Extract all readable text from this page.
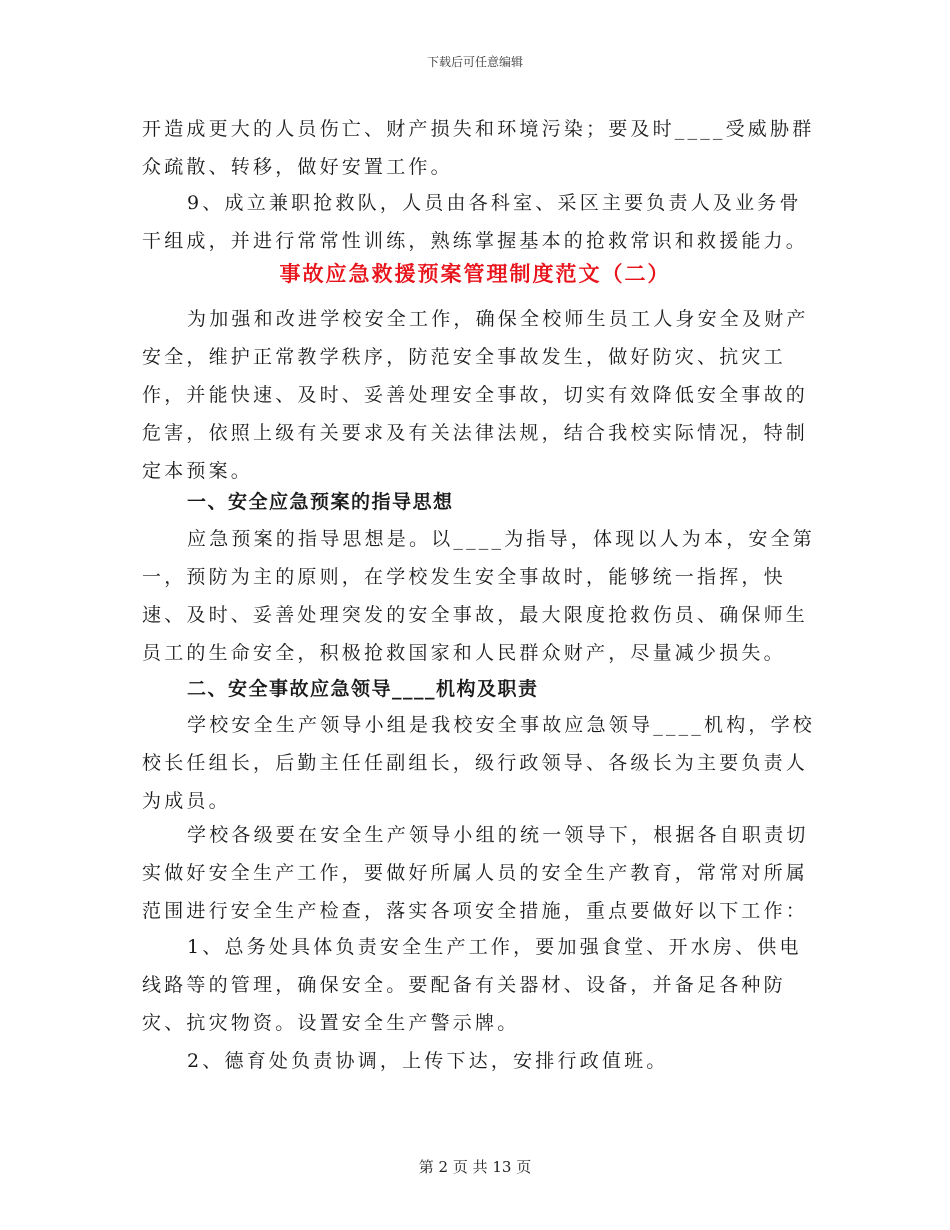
下载后可任意编辑

开造成更大的人员伤亡、财产损失和环境污染；要及时____受威胁群众疏散、转移，做好安置工作。

9、成立兼职抢救队，人员由各科室、采区主要负责人及业务骨干组成，并进行常常性训练，熟练掌握基本的抢救常识和救援能力。

事故应急救援预案管理制度范文（二）

为加强和改进学校安全工作，确保全校师生员工人身安全及财产安全，维护正常教学秩序，防范安全事故发生，做好防灾、抗灾工作，并能快速、及时、妥善处理安全事故，切实有效降低安全事故的危害，依照上级有关要求及有关法律法规，结合我校实际情况，特制定本预案。

一、安全应急预案的指导思想

应急预案的指导思想是。以____为指导，体现以人为本，安全第一，预防为主的原则，在学校发生安全事故时，能够统一指挥，快速、及时、妥善处理突发的安全事故，最大限度抢救伤员、确保师生员工的生命安全，积极抢救国家和人民群众财产，尽量减少损失。

二、安全事故应急领导____机构及职责

学校安全生产领导小组是我校安全事故应急领导____机构，学校校长任组长，后勤主任任副组长，级行政领导、各级长为主要负责人为成员。

学校各级要在安全生产领导小组的统一领导下，根据各自职责切实做好安全生产工作，要做好所属人员的安全生产教育，常常对所属范围进行安全生产检查，落实各项安全措施，重点要做好以下工作：

1、总务处具体负责安全生产工作，要加强食堂、开水房、供电线路等的管理，确保安全。要配备有关器材、设备，并备足各种防灾、抗灾物资。设置安全生产警示牌。

2、德育处负责协调，上传下达，安排行政值班。

第 2 页 共 13 页
